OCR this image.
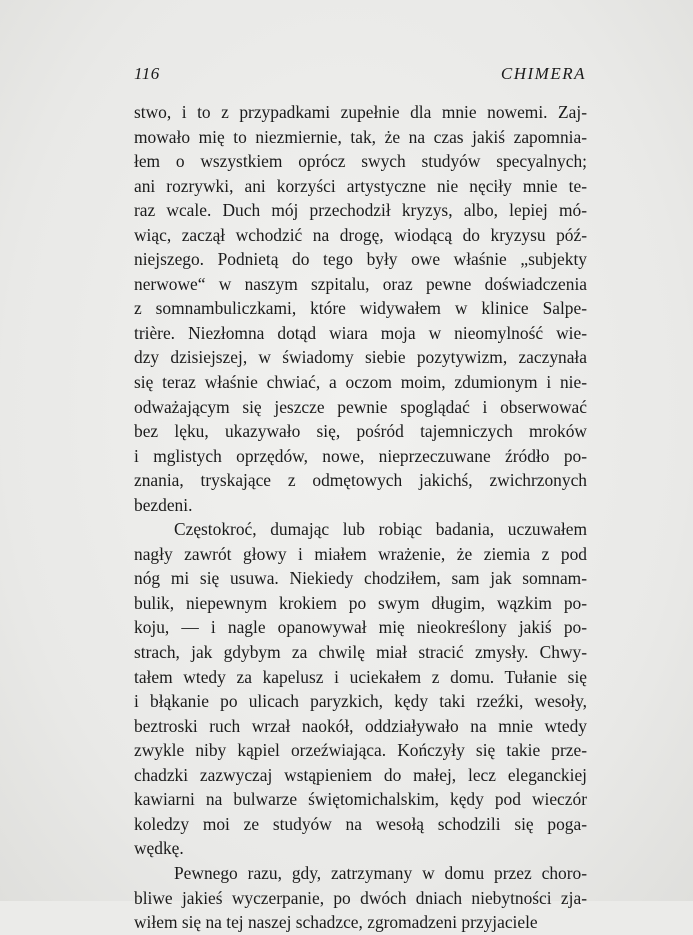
116	CHIMERA
stwo, i to z przypadkami zupełnie dla mnie nowemi. Zaj-
mowało mię to niezmiernie, tak, że na czas jakiś zapomnia-
łem o wszystkiem oprócz swych studyów specyalnych;
ani rozrywki, ani korzyści artystyczne nie nęciły mnie te-
raz wcale. Duch mój przechodził kryzys, albo, lepiej mó-
wiąc, zaczął wchodzić na drogę, wiodącą do kryzysu póź-
niejszego. Podnietą do tego były owe właśnie „subjekty
nerwowe“ w naszym szpitalu, oraz pewne doświadczenia
z somnambuliczkami, które widywałem w klinice Salpe-
trière. Niezłomna dotąd wiara moja w nieomylność wie-
dzy dzisiejszej, w świadomy siebie pozytywizm, zaczynała
się teraz właśnie chwiać, a oczom moim, zdumionym i nie-
odważającym się jeszcze pewnie spoglądać i obserwować
bez lęku, ukazywało się, pośród tajemniczych mroków
i mglistych oprzędów, nowe, nieprzeczuwane źródło po-
znania, tryskające z odmętowych jakichś, zwichrzonych
bezdeni.
Częstokroć, dumając lub robiąc badania, uczuwałem
nagły zawrót głowy i miałem wrażenie, że ziemia z pod
nóg mi się usuwa. Niekiedy chodziłem, sam jak somnam-
bulik, niepewnym krokiem po swym długim, wązkim po-
koju, — i nagle opanowywał mię nieokreślony jakiś po-
strach, jak gdybym za chwilę miał stracić zmysły. Chwy-
tałem wtedy za kapelusz i uciekałem z domu. Tułanie się
i błąkanie po ulicach paryzkich, kędy taki rzeźki, wesoły,
beztroski ruch wrzał naokół, oddziaływało na mnie wtedy
zwykle niby kąpiel orzeźwiająca. Kończyły się takie prze-
chadzki zazwyczaj wstąpieniem do małej, lecz eleganckiej
kawiarni na bulwarze świętomichalskim, kędy pod wieczór
koledzy moi ze studyów na wesołą schodzili się poga-
wędkę.
Pewnego razu, gdy, zatrzymany w domu przez choro-
bliwe jakieś wyczerpanie, po dwóch dniach niebytności zja-
wiłem się na tej naszej schadzce, zgromadzeni przyjaciele
